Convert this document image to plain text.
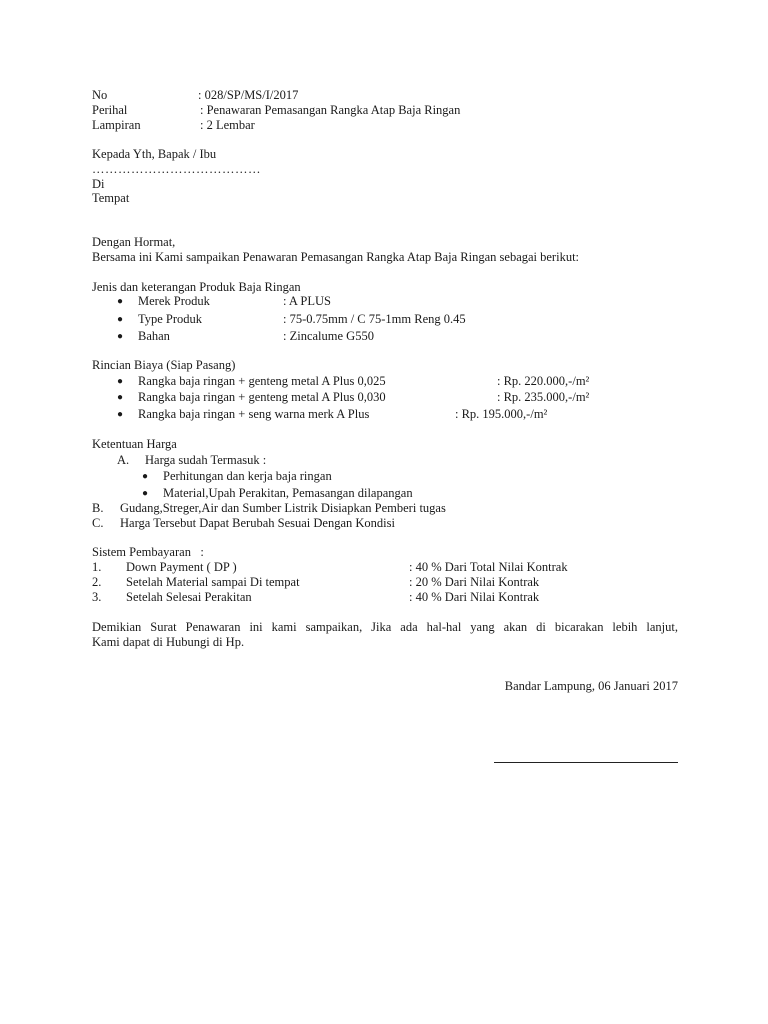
No	: 028/SP/MS/I/2017
Perihal	: Penawaran Pemasangan Rangka Atap Baja Ringan
Lampiran	: 2 Lembar
Kepada Yth, Bapak / Ibu
…………………………………
Di
Tempat
Dengan Hormat,
Bersama ini Kami sampaikan Penawaran Pemasangan Rangka Atap Baja Ringan sebagai berikut:
Jenis dan keterangan Produk Baja Ringan
● Merek Produk	: A PLUS
● Type Produk	: 75-0.75mm / C 75-1mm Reng 0.45
● Bahan	: Zincalume G550
Rincian Biaya (Siap Pasang)
● Rangka baja ringan + genteng metal A Plus 0,025	: Rp. 220.000,-/m²
● Rangka baja ringan + genteng metal A Plus 0,030	: Rp. 235.000,-/m²
● Rangka baja ringan + seng warna merk A Plus	: Rp. 195.000,-/m²
Ketentuan Harga
A. Harga sudah Termasuk :
● Perhitungan dan kerja baja ringan
● Material,Upah Perakitan, Pemasangan dilapangan
B. Gudang,Streger,Air dan Sumber Listrik Disiapkan Pemberi tugas
C. Harga Tersebut Dapat Berubah Sesuai Dengan Kondisi
Sistem Pembayaran   :
1. Down Payment ( DP )	: 40 % Dari Total Nilai Kontrak
2. Setelah Material sampai Di tempat	: 20 % Dari Nilai Kontrak
3. Setelah Selesai Perakitan	: 40 % Dari Nilai Kontrak
Demikian Surat Penawaran ini kami sampaikan, Jika ada hal-hal yang akan di bicarakan lebih lanjut,
Kami dapat di Hubungi di Hp.
Bandar Lampung, 06 Januari 2017
